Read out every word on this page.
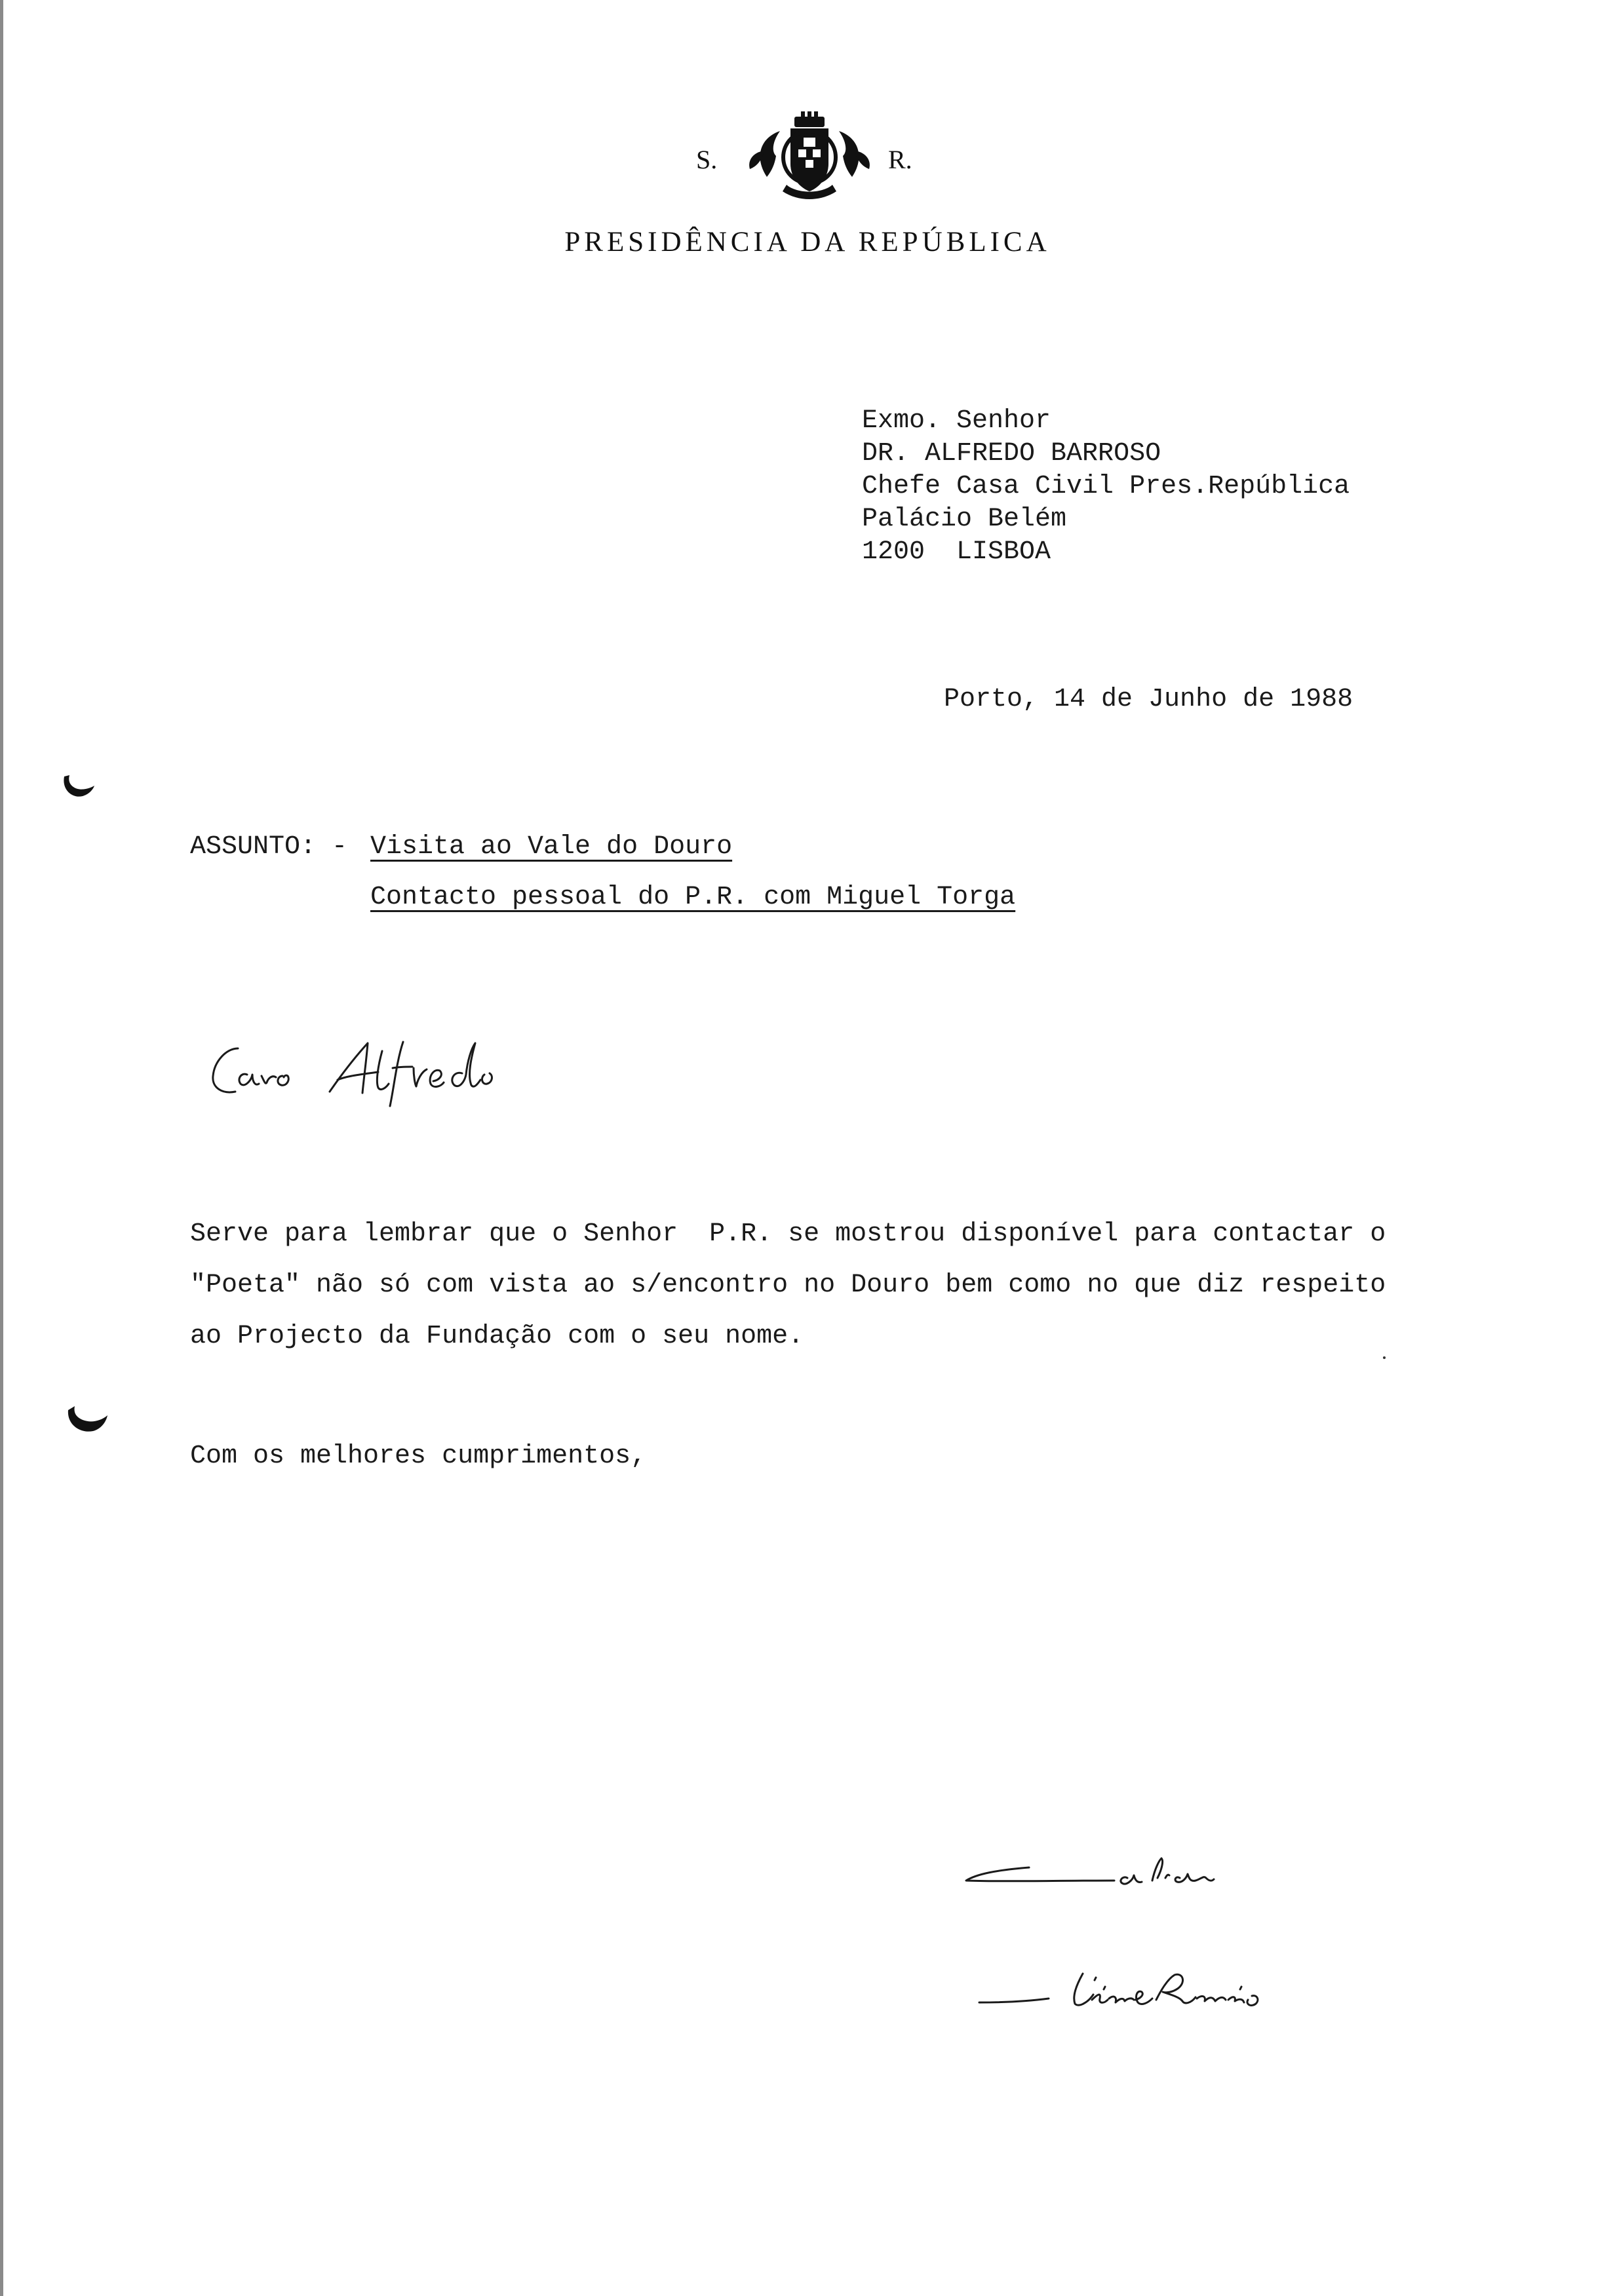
S.	R.
PRESIDÊNCIA DA REPÚBLICA
Exmo. Senhor
DR. ALFREDO BARROSO
Chefe Casa Civil Pres.República
Palácio Belém
1200  LISBOA
Porto, 14 de Junho de 1988
ASSUNTO: - Visita ao Vale do Douro
Contacto pessoal do P.R. com Miguel Torga
Serve para lembrar que o Senhor  P.R. se mostrou disponível para contactar o
"Poeta" não só com vista ao s/encontro no Douro bem como no que diz respeito
ao Projecto da Fundação com o seu nome.
Com os melhores cumprimentos,
